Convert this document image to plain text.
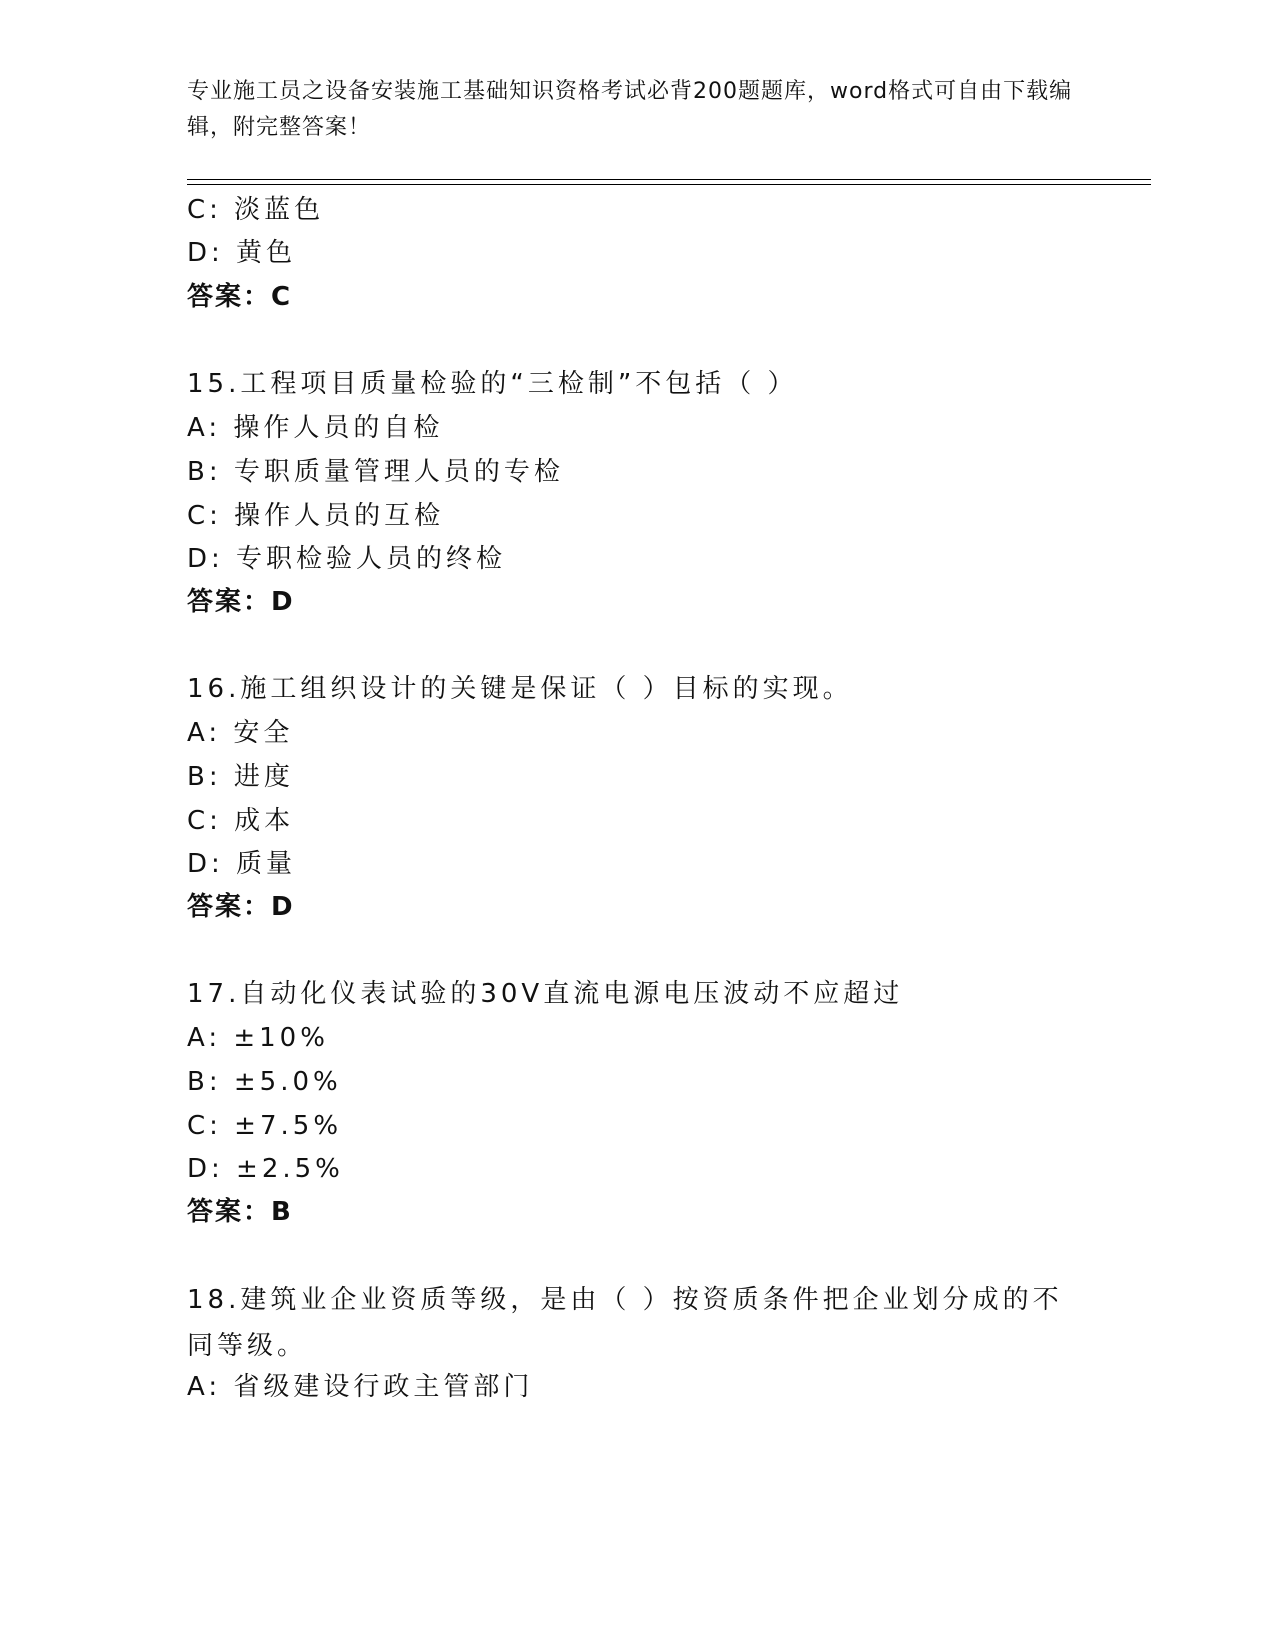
专业施工员之设备安装施工基础知识资格考试必背200题题库，word格式可自由下载编辑，附完整答案！
C: 淡蓝色
D: 黄色
答案：C
15.工程项目质量检验的“三检制”不包括（ ）
A: 操作人员的自检
B: 专职质量管理人员的专检
C: 操作人员的互检
D: 专职检验人员的终检
答案：D
16.施工组织设计的关键是保证（ ）目标的实现。
A: 安全
B: 进度
C: 成本
D: 质量
答案：D
17.自动化仪表试验的30V直流电源电压波动不应超过
A: ±10%
B: ±5.0%
C: ±7.5%
D: ±2.5%
答案：B
18.建筑业企业资质等级，是由（ ）按资质条件把企业划分成的不同等级。
A: 省级建设行政主管部门
